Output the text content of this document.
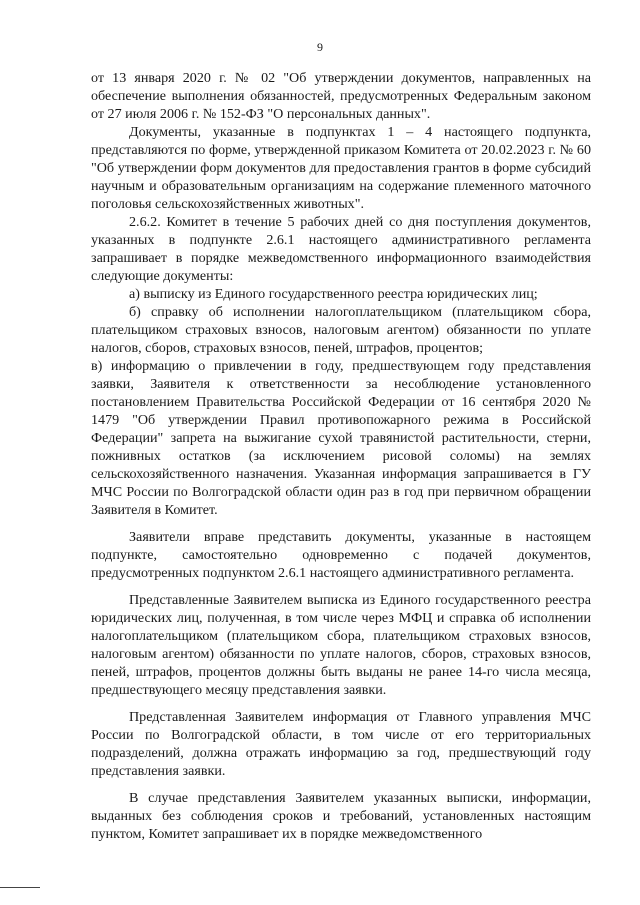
9

от 13 января 2020 г. № 02 "Об утверждении документов, направленных на обеспечение выполнения обязанностей, предусмотренных Федеральным законом от 27 июля 2006 г. № 152-ФЗ "О персональных данных".

Документы, указанные в подпунктах 1 – 4 настоящего подпункта, представляются по форме, утвержденной приказом Комитета от 20.02.2023 г. № 60 "Об утверждении форм документов для предоставления грантов в форме субсидий научным и образовательным организациям на содержание племенного маточного поголовья сельскохозяйственных животных".

2.6.2. Комитет в течение 5 рабочих дней со дня поступления документов, указанных в подпункте 2.6.1 настоящего административного регламента запрашивает в порядке межведомственного информационного взаимодействия следующие документы:

а) выписку из Единого государственного реестра юридических лиц;

б) справку об исполнении налогоплательщиком (плательщиком сбора, плательщиком страховых взносов, налоговым агентом) обязанности по уплате налогов, сборов, страховых взносов, пеней, штрафов, процентов;

в) информацию о привлечении в году, предшествующем году представления заявки, Заявителя к ответственности за несоблюдение установленного постановлением Правительства Российской Федерации от 16 сентября 2020 № 1479 "Об утверждении Правил противопожарного режима в Российской Федерации" запрета на выжигание сухой травянистой растительности, стерни, пожнивных остатков (за исключением рисовой соломы) на землях сельскохозяйственного назначения. Указанная информация запрашивается в ГУ МЧС России по Волгоградской области один раз в год при первичном обращении Заявителя в Комитет.

Заявители вправе представить документы, указанные в настоящем подпункте, самостоятельно одновременно с подачей документов, предусмотренных подпунктом 2.6.1 настоящего административного регламента.

Представленные Заявителем выписка из Единого государственного реестра юридических лиц, полученная, в том числе через МФЦ и справка об исполнении налогоплательщиком (плательщиком сбора, плательщиком страховых взносов, налоговым агентом) обязанности по уплате налогов, сборов, страховых взносов, пеней, штрафов, процентов должны быть выданы не ранее 14-го числа месяца, предшествующего месяцу представления заявки.

Представленная Заявителем информация от Главного управления МЧС России по Волгоградской области, в том числе от его территориальных подразделений, должна отражать информацию за год, предшествующий году представления заявки.

В случае представления Заявителем указанных выписки, информации, выданных без соблюдения сроков и требований, установленных настоящим пунктом, Комитет запрашивает их в порядке межведомственного
